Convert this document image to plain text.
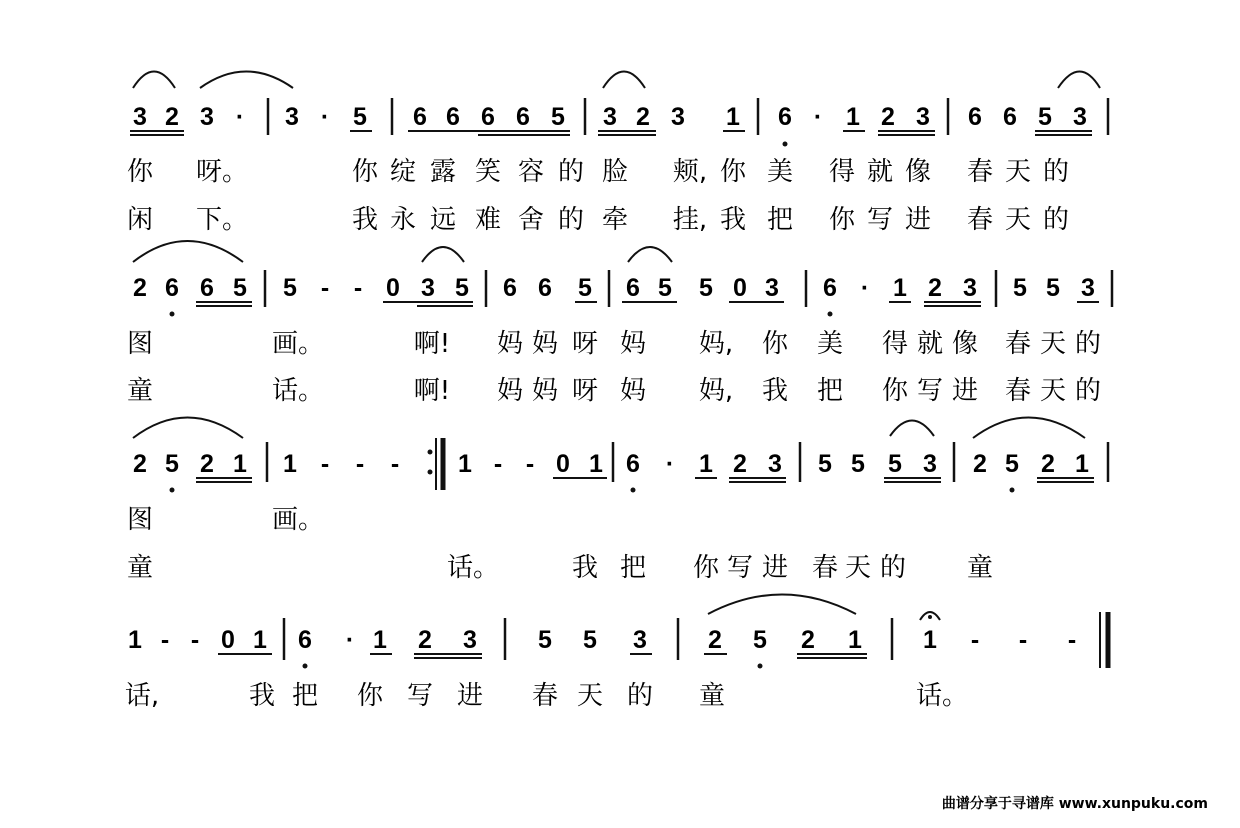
3 2 3 · 3 · 5 6 6 6 6 5 3 2 3 1 6 · 1 2 3 6 6 5 3
你 呀。	你 绽 露 笑 容 的 脸 颊, 你 美 得 就 像 春 天 的
闲 下。	我 永 远 难 舍 的 牵 挂, 我 把 你 写 进 春 天 的
2 6 6 5 5 - - 0 3 5 6 6 5 6 5 5 0 3 6 · 1 2 3 5 5 3
图	画。	啊! 妈 妈 呀 妈 妈, 你 美 得 就 像 春 天 的
童	话。	啊! 妈 妈 呀 妈 妈, 我 把 你 写 进 春 天 的
2 5 2 1 1 - - - 1 - - 0 1 6 · 1 2 3 5 5 5 3 2 5 2 1
图	画。
童	话。	我 把 你 写 进 春 天 的 童
1 - - 0 1 6 · 1 2 3 5 5 3 2 5 2 1 1 - - -
话,	我 把 你 写 进 春 天 的 童	话。
曲谱分享于寻谱库 www.xunpuku.com
